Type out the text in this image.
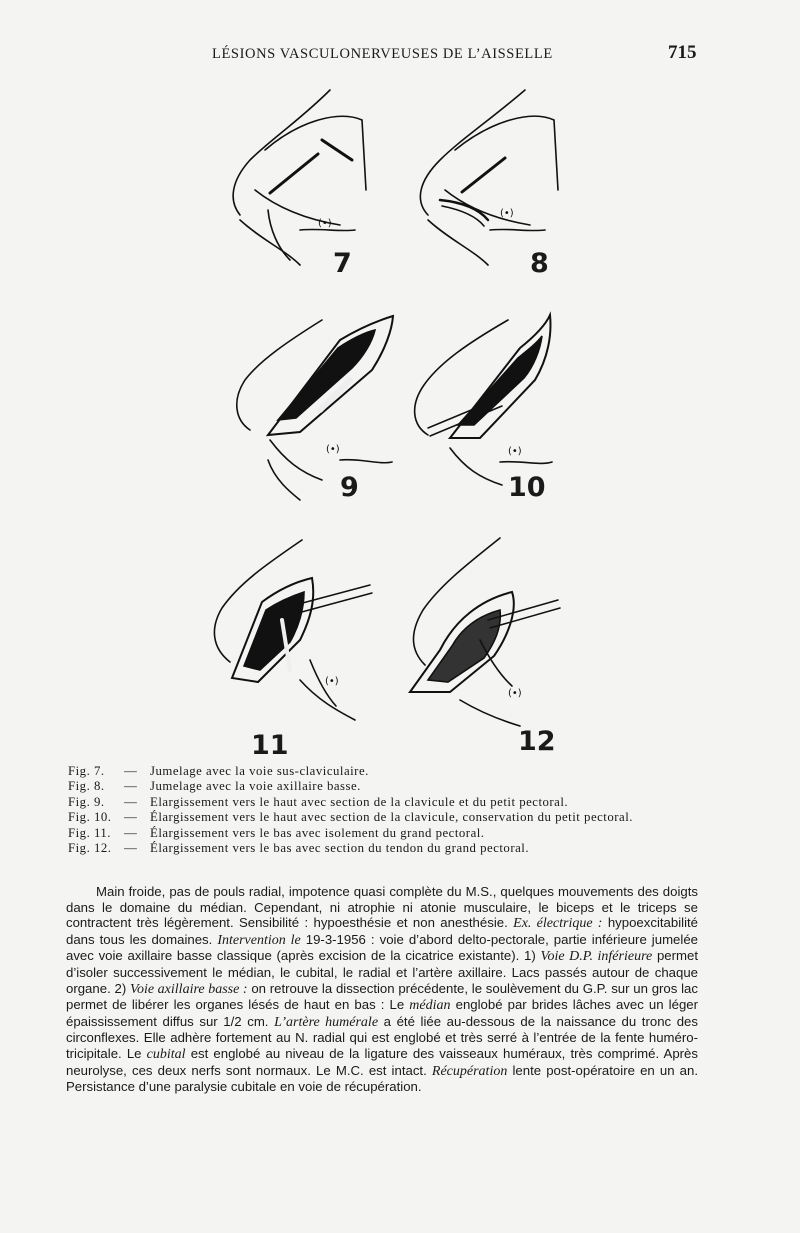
LÉSIONS VASCULONERVEUSES DE L’AISSELLE	715
(•)
(•)
(•)	(•)
(•)
(•)
7	8
9	10
11	12
Fig. 7.	— Jumelage avec la voie sus-claviculaire.
Fig. 8.	— Jumelage avec la voie axillaire basse.
Fig. 9.	— Elargissement vers le haut avec section de la clavicule et du petit pectoral.
Fig. 10. — Élargissement vers le haut avec section de la clavicule, conservation du petit pectoral.
Fig. 11.	— Élargissement vers le bas avec isolement du grand pectoral.
Fig. 12. — Élargissement vers le bas avec section du tendon du grand pectoral.
Main froide, pas de pouls radial, impotence quasi complète du M.S., quelques mouvements des doigts dans le domaine du médian. Cependant, ni atrophie ni atonie musculaire, le biceps et le triceps se contractent très légèrement. Sensibilité : hypoesthésie et non anesthésie. Ex. électrique : hypoexcitabilité dans tous les domaines. Intervention le 19-3-1956 : voie d’abord delto-pectorale, partie inférieure jumelée avec voie axillaire basse classique (après excision de la cicatrice existante). 1) Voie D.P. inférieure permet d’isoler successivement le médian, le cubital, le radial et l’artère axillaire. Lacs passés autour de chaque organe. 2) Voie axillaire basse : on retrouve la dissection précédente, le soulèvement du G.P. sur un gros lac permet de libérer les organes lésés de haut en bas : Le médian englobé par brides lâches avec un léger épaississement diffus sur 1/2 cm. L’artère humérale a été liée au-dessous de la naissance du tronc des circonflexes. Elle adhère fortement au N. radial qui est englobé et très serré à l’entrée de la fente huméro-tricipitale. Le cubital est englobé au niveau de la ligature des vaisseaux huméraux, très comprimé. Après neurolyse, ces deux nerfs sont normaux. Le M.C. est intact. Récupération lente post-opératoire en un an. Persistance d’une paralysie cubitale en voie de récupération.
